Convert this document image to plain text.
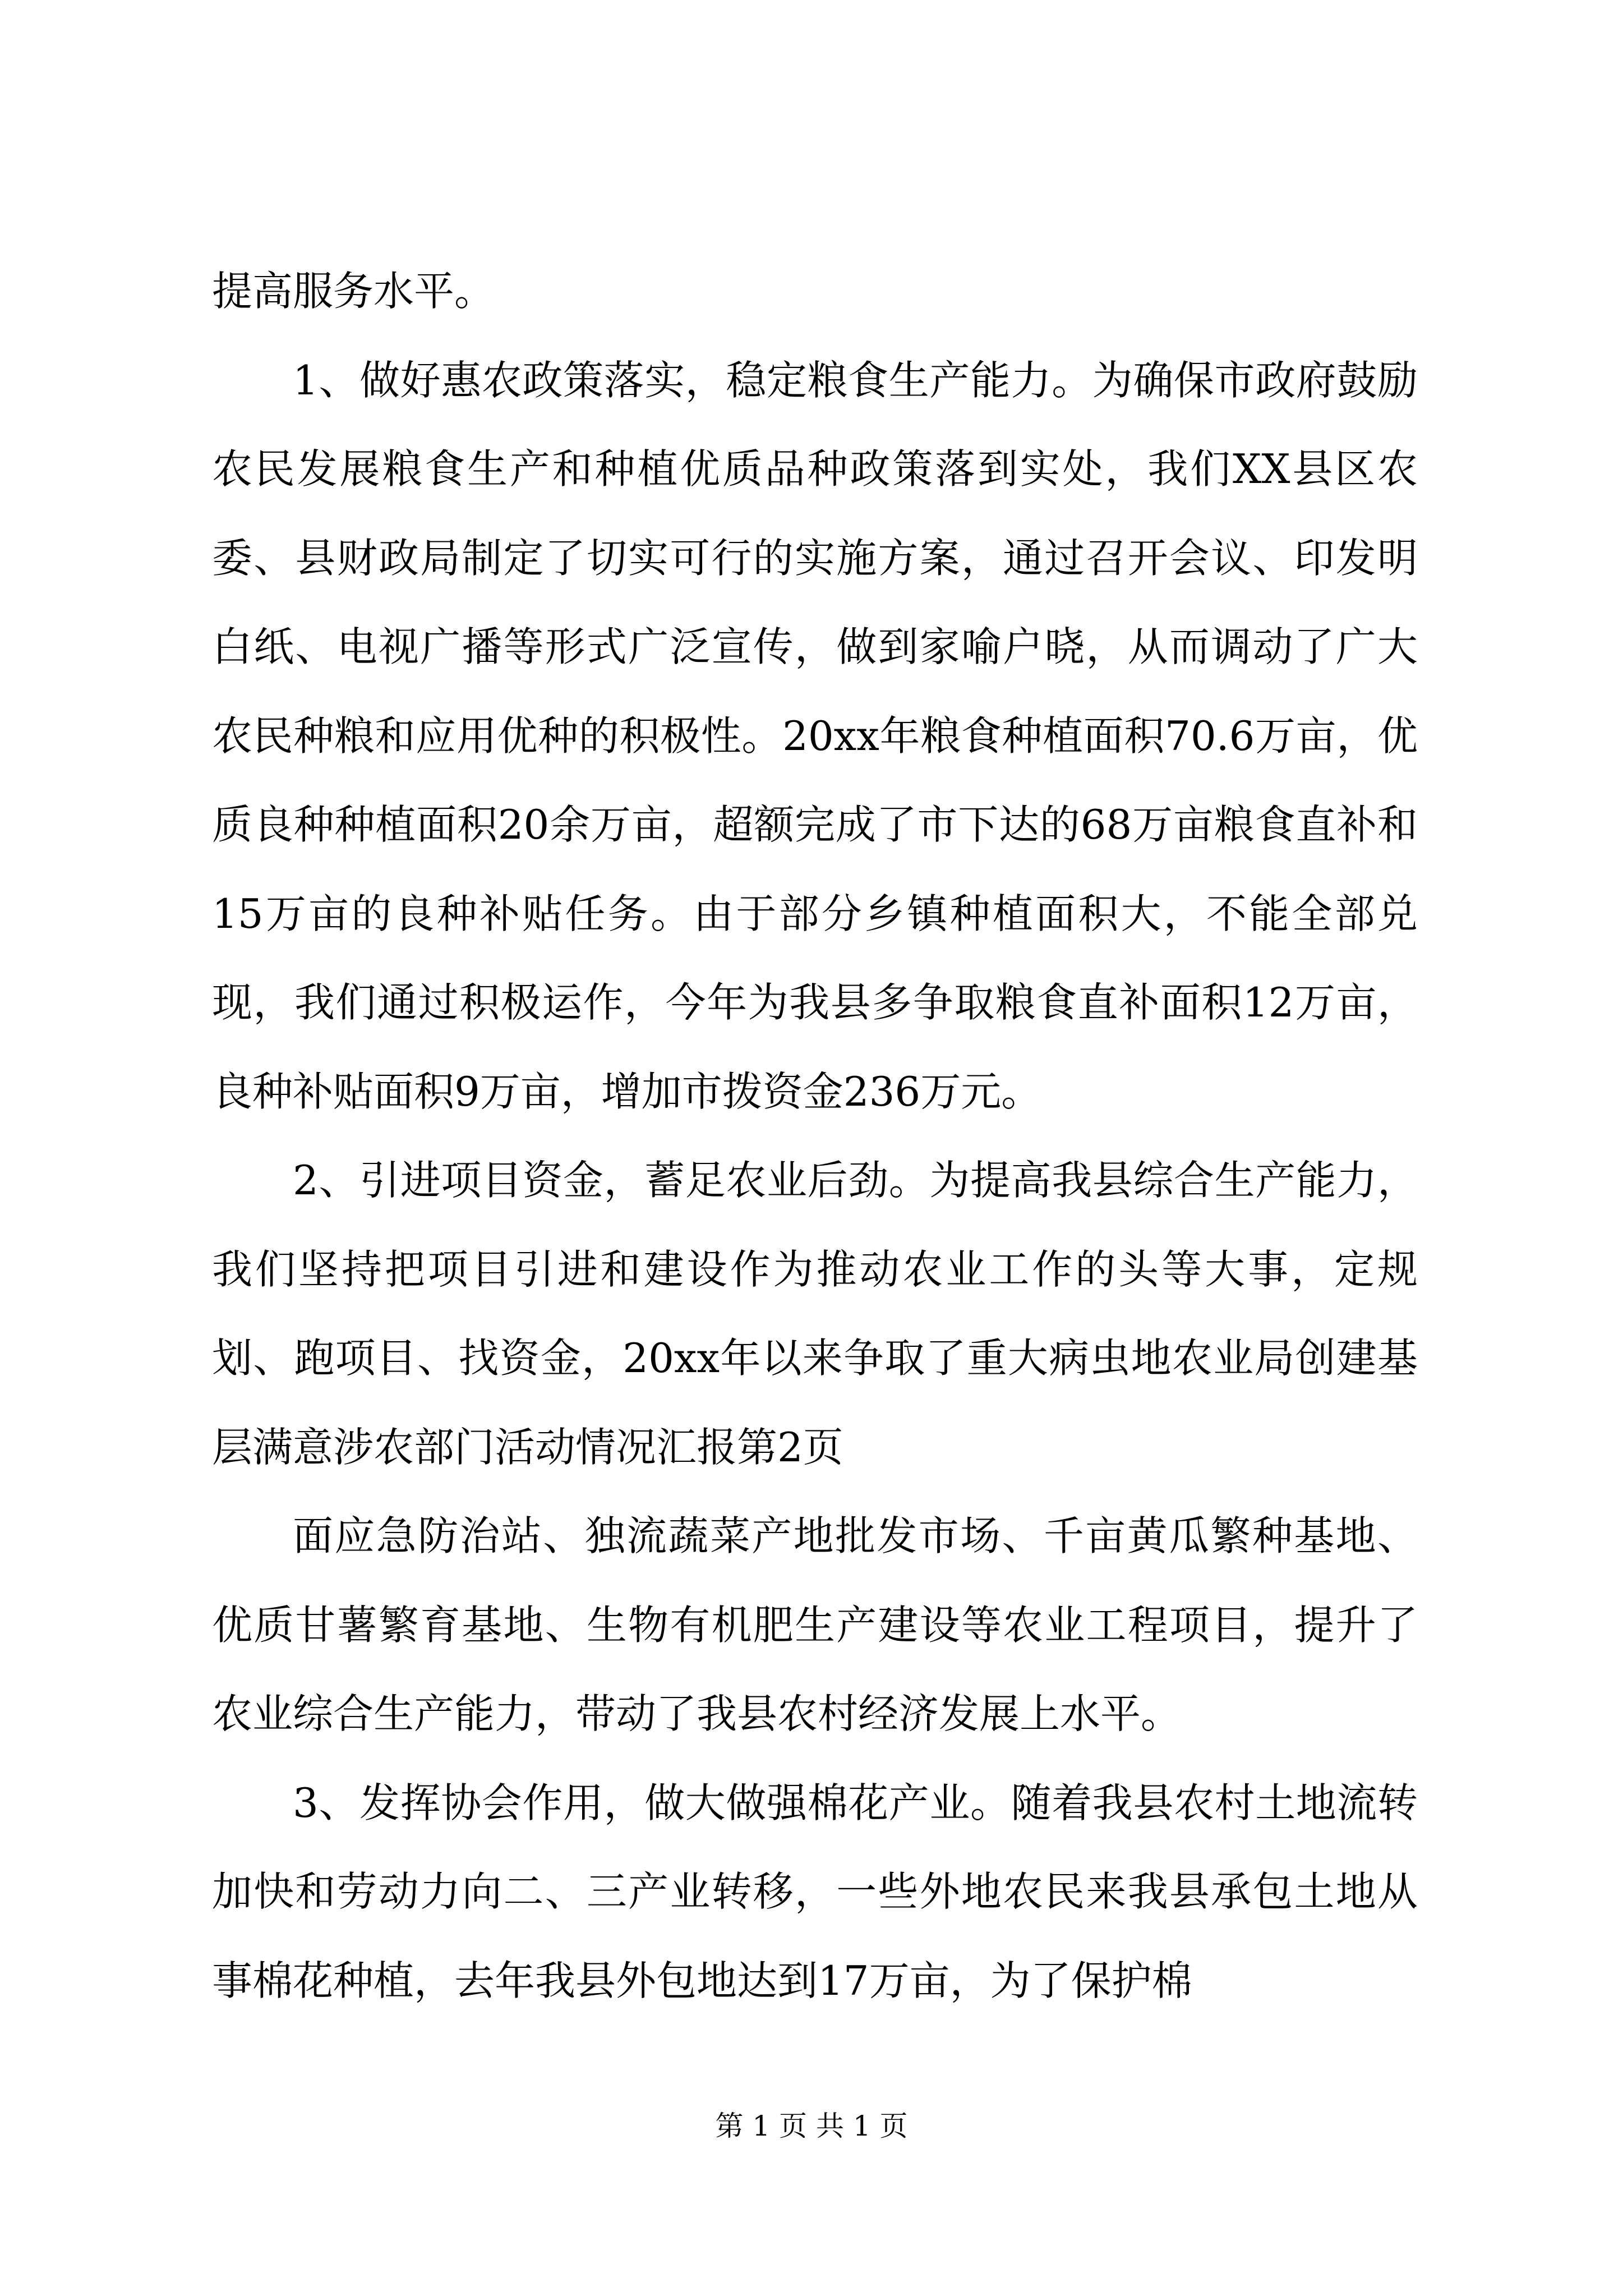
提高服务水平。

1、做好惠农政策落实，稳定粮食生产能力。为确保市政府鼓励农民发展粮食生产和种植优质品种政策落到实处，我们XX县区农委、县财政局制定了切实可行的实施方案，通过召开会议、印发明白纸、电视广播等形式广泛宣传，做到家喻户晓，从而调动了广大农民种粮和应用优种的积极性。20xx年粮食种植面积70.6万亩，优质良种种植面积20余万亩，超额完成了市下达的68万亩粮食直补和15万亩的良种补贴任务。由于部分乡镇种植面积大，不能全部兑现，我们通过积极运作，今年为我县多争取粮食直补面积12万亩，良种补贴面积9万亩，增加市拨资金236万元。

2、引进项目资金，蓄足农业后劲。为提高我县综合生产能力，我们坚持把项目引进和建设作为推动农业工作的头等大事，定规划、跑项目、找资金，20xx年以来争取了重大病虫地农业局创建基层满意涉农部门活动情况汇报第2页

面应急防治站、独流蔬菜产地批发市场、千亩黄瓜繁种基地、优质甘薯繁育基地、生物有机肥生产建设等农业工程项目，提升了农业综合生产能力，带动了我县农村经济发展上水平。

3、发挥协会作用，做大做强棉花产业。随着我县农村土地流转加快和劳动力向二、三产业转移，一些外地农民来我县承包土地从事棉花种植，去年我县外包地达到17万亩，为了保护棉

第 1 页 共 1 页
